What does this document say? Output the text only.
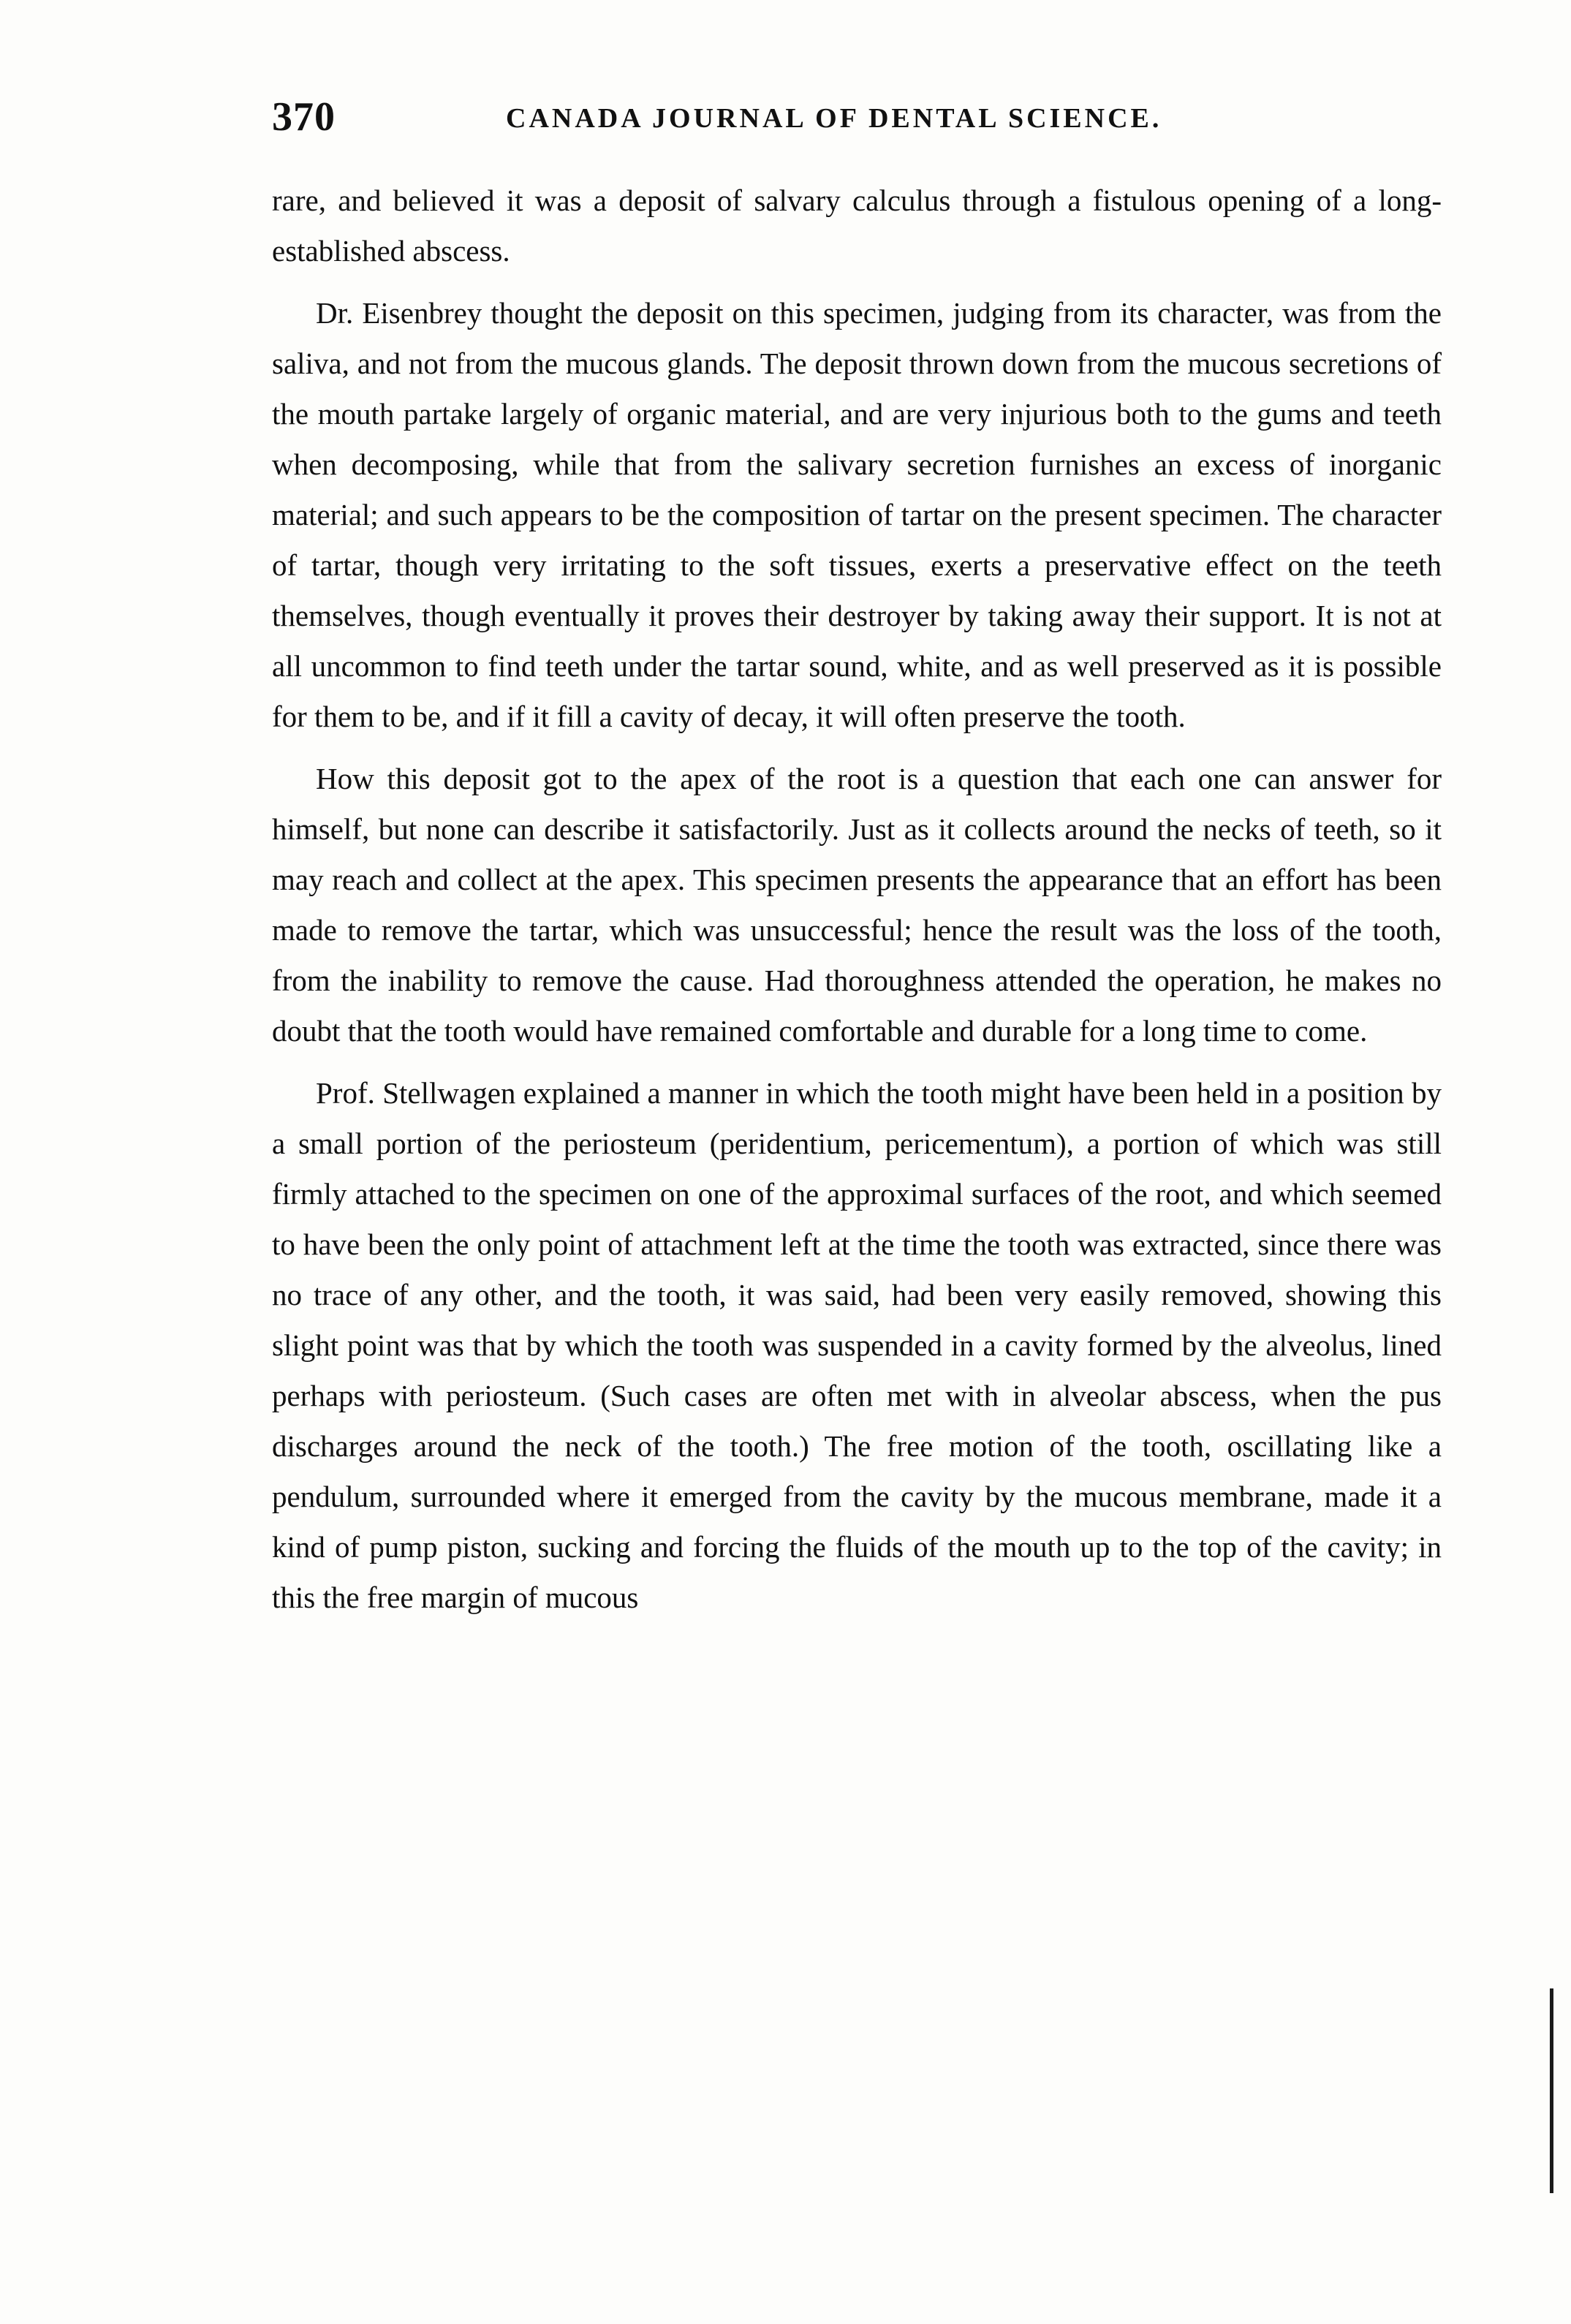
370	CANADA JOURNAL OF DENTAL SCIENCE.

rare, and believed it was a deposit of salvary calculus through a fistulous opening of a long-established abscess.

Dr. Eisenbrey thought the deposit on this specimen, judging from its character, was from the saliva, and not from the mucous glands. The deposit thrown down from the mucous secretions of the mouth partake largely of organic material, and are very injurious both to the gums and teeth when decomposing, while that from the salivary secretion furnishes an excess of inorganic material; and such appears to be the composition of tartar on the present specimen. The character of tartar, though very irritating to the soft tissues, exerts a preservative effect on the teeth themselves, though eventually it proves their destroyer by taking away their support. It is not at all uncommon to find teeth under the tartar sound, white, and as well preserved as it is possible for them to be, and if it fill a cavity of decay, it will often preserve the tooth.

How this deposit got to the apex of the root is a question that each one can answer for himself, but none can describe it satisfactorily. Just as it collects around the necks of teeth, so it may reach and collect at the apex. This specimen presents the appearance that an effort has been made to remove the tartar, which was unsuccessful; hence the result was the loss of the tooth, from the inability to remove the cause. Had thoroughness attended the operation, he makes no doubt that the tooth would have remained comfortable and durable for a long time to come.

Prof. Stellwagen explained a manner in which the tooth might have been held in a position by a small portion of the periosteum (peridentium, pericementum), a portion of which was still firmly attached to the specimen on one of the approximal surfaces of the root, and which seemed to have been the only point of attachment left at the time the tooth was extracted, since there was no trace of any other, and the tooth, it was said, had been very easily removed, showing this slight point was that by which the tooth was suspended in a cavity formed by the alveolus, lined perhaps with periosteum. (Such cases are often met with in alveolar abscess, when the pus discharges around the neck of the tooth.) The free motion of the tooth, oscillating like a pendulum, surrounded where it emerged from the cavity by the mucous membrane, made it a kind of pump piston, sucking and forcing the fluids of the mouth up to the top of the cavity; in this the free margin of mucous
